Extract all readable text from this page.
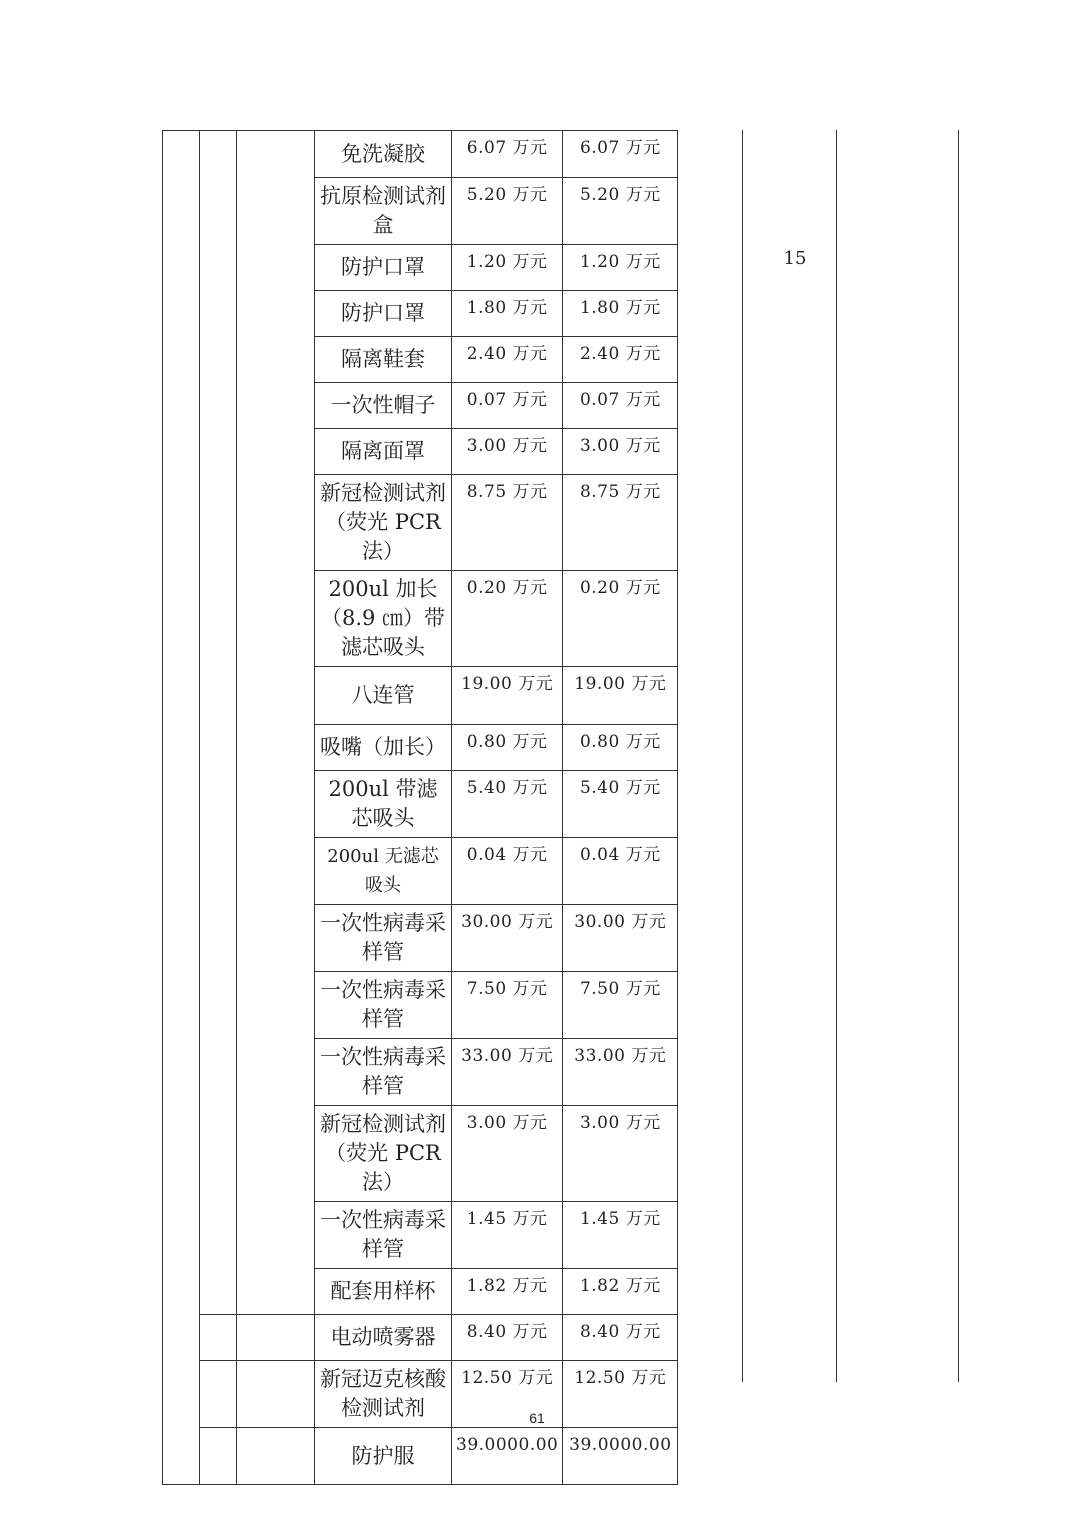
			免洗凝胶	6.07 万元	6.07 万元
			抗原检测试剂盒	5.20 万元	5.20 万元
			防护口罩	1.20 万元	1.20 万元
			防护口罩	1.80 万元	1.80 万元
			隔离鞋套	2.40 万元	2.40 万元
			一次性帽子	0.07 万元	0.07 万元
			隔离面罩	3.00 万元	3.00 万元
			新冠检测试剂（荧光 PCR 法）	8.75 万元	8.75 万元
			200ul 加长（8.9 ㎝）带滤芯吸头	0.20 万元	0.20 万元
			八连管	19.00 万元	19.00 万元
			吸嘴（加长）	0.80 万元	0.80 万元
			200ul 带滤芯吸头	5.40 万元	5.40 万元
			200ul 无滤芯吸头	0.04 万元	0.04 万元
			一次性病毒采样管	30.00 万元	30.00 万元
			一次性病毒采样管	7.50 万元	7.50 万元
			一次性病毒采样管	33.00 万元	33.00 万元
			新冠检测试剂（荧光 PCR 法）	3.00 万元	3.00 万元
			一次性病毒采样管	1.45 万元	1.45 万元
			配套用样杯	1.82 万元	1.82 万元
			电动喷雾器	8.40 万元	8.40 万元
			新冠迈克核酸检测试剂	12.50 万元	12.50 万元
			防护服	39.0000.00	39.0000.00
15
61
